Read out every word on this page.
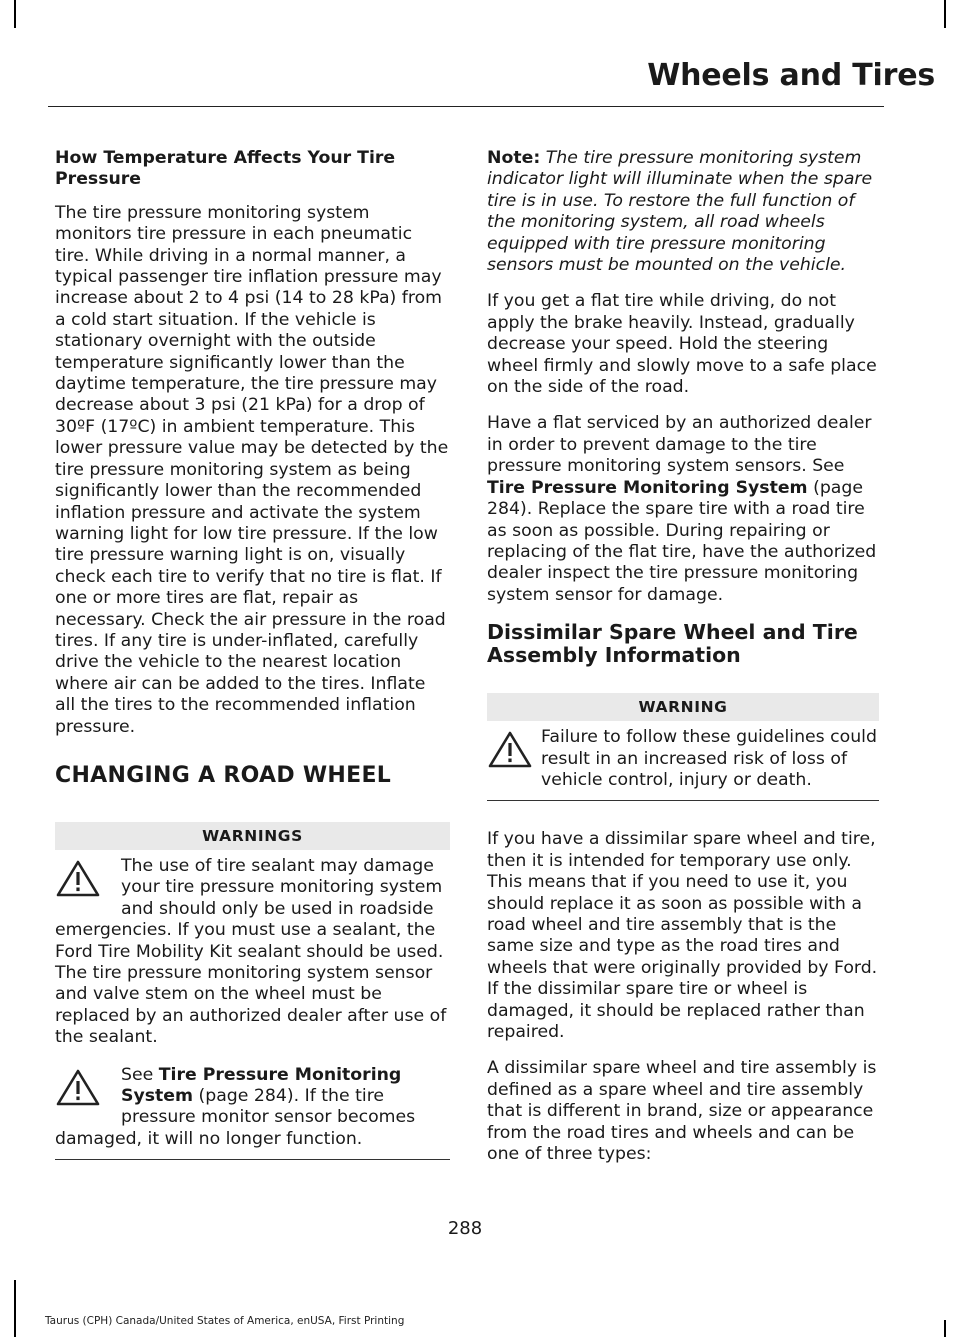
Wheels and Tires
How Temperature Affects Your Tire Pressure

The tire pressure monitoring system monitors tire pressure in each pneumatic tire. While driving in a normal manner, a typical passenger tire inflation pressure may increase about 2 to 4 psi (14 to 28 kPa) from a cold start situation. If the vehicle is stationary overnight with the outside temperature significantly lower than the daytime temperature, the tire pressure may decrease about 3 psi (21 kPa) for a drop of 30ºF (17ºC) in ambient temperature. This lower pressure value may be detected by the tire pressure monitoring system as being significantly lower than the recommended inflation pressure and activate the system warning light for low tire pressure. If the low tire pressure warning light is on, visually check each tire to verify that no tire is flat. If one or more tires are flat, repair as necessary. Check the air pressure in the road tires. If any tire is under-inflated, carefully drive the vehicle to the nearest location where air can be added to the tires. Inflate all the tires to the recommended inflation pressure.

CHANGING A ROAD WHEEL
WARNINGS
The use of tire sealant may damage your tire pressure monitoring system and should only be used in roadside emergencies. If you must use a sealant, the Ford Tire Mobility Kit sealant should be used. The tire pressure monitoring system sensor and valve stem on the wheel must be replaced by an authorized dealer after use of the sealant.
See Tire Pressure Monitoring System (page 284). If the tire pressure monitor sensor becomes damaged, it will no longer function.

Note: The tire pressure monitoring system indicator light will illuminate when the spare tire is in use. To restore the full function of the monitoring system, all road wheels equipped with tire pressure monitoring sensors must be mounted on the vehicle.

If you get a flat tire while driving, do not apply the brake heavily. Instead, gradually decrease your speed. Hold the steering wheel firmly and slowly move to a safe place on the side of the road.

Have a flat serviced by an authorized dealer in order to prevent damage to the tire pressure monitoring system sensors. See Tire Pressure Monitoring System (page 284). Replace the spare tire with a road tire as soon as possible. During repairing or replacing of the flat tire, have the authorized dealer inspect the tire pressure monitoring system sensor for damage.

Dissimilar Spare Wheel and Tire Assembly Information
WARNING
Failure to follow these guidelines could result in an increased risk of loss of vehicle control, injury or death.

If you have a dissimilar spare wheel and tire, then it is intended for temporary use only. This means that if you need to use it, you should replace it as soon as possible with a road wheel and tire assembly that is the same size and type as the road tires and wheels that were originally provided by Ford. If the dissimilar spare tire or wheel is damaged, it should be replaced rather than repaired.

A dissimilar spare wheel and tire assembly is defined as a spare wheel and tire assembly that is different in brand, size or appearance from the road tires and wheels and can be one of three types:

288
Taurus (CPH) Canada/United States of America, enUSA, First Printing
